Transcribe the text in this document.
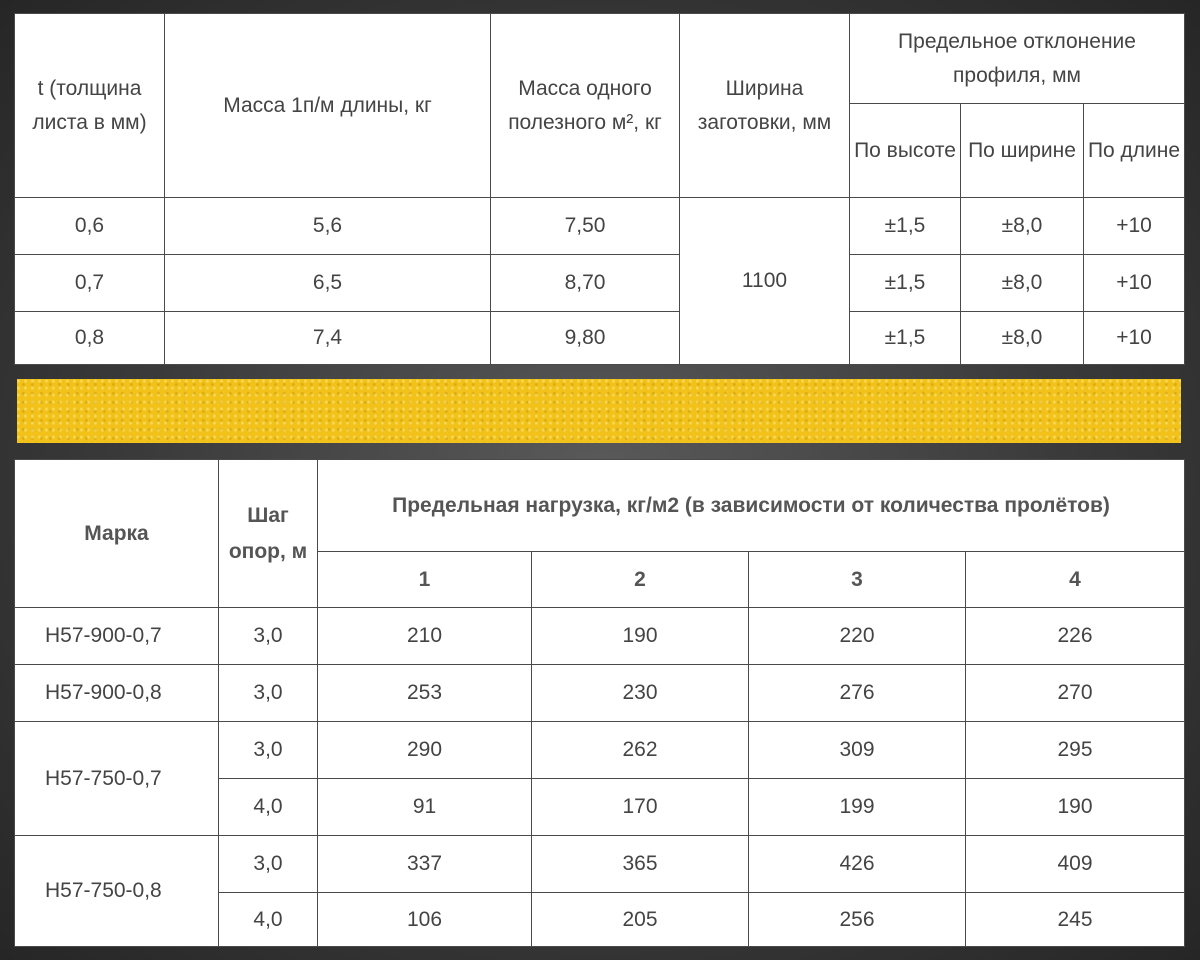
t (толщина листа в мм)	Масса 1п/м длины, кг	Масса одного полезного м², кг	Ширина заготовки, мм	Предельное отклонение профиля, мм		
				По высоте	По ширине	По длине
0,6	5,6	7,50	1100	±1,5	±8,0	+10
0,7	6,5	8,70		±1,5	±8,0	+10
0,8	7,4	9,80		±1,5	±8,0	+10
Марка	Шаг опор, м	Предельная нагрузка, кг/м2 (в зависимости от количества пролётов)			
		1	2	3	4
Н57-900-0,7	3,0	210	190	220	226
Н57-900-0,8	3,0	253	230	276	270
Н57-750-0,7	3,0	290	262	309	295
	4,0	91	170	199	190
Н57-750-0,8	3,0	337	365	426	409
	4,0	106	205	256	245
